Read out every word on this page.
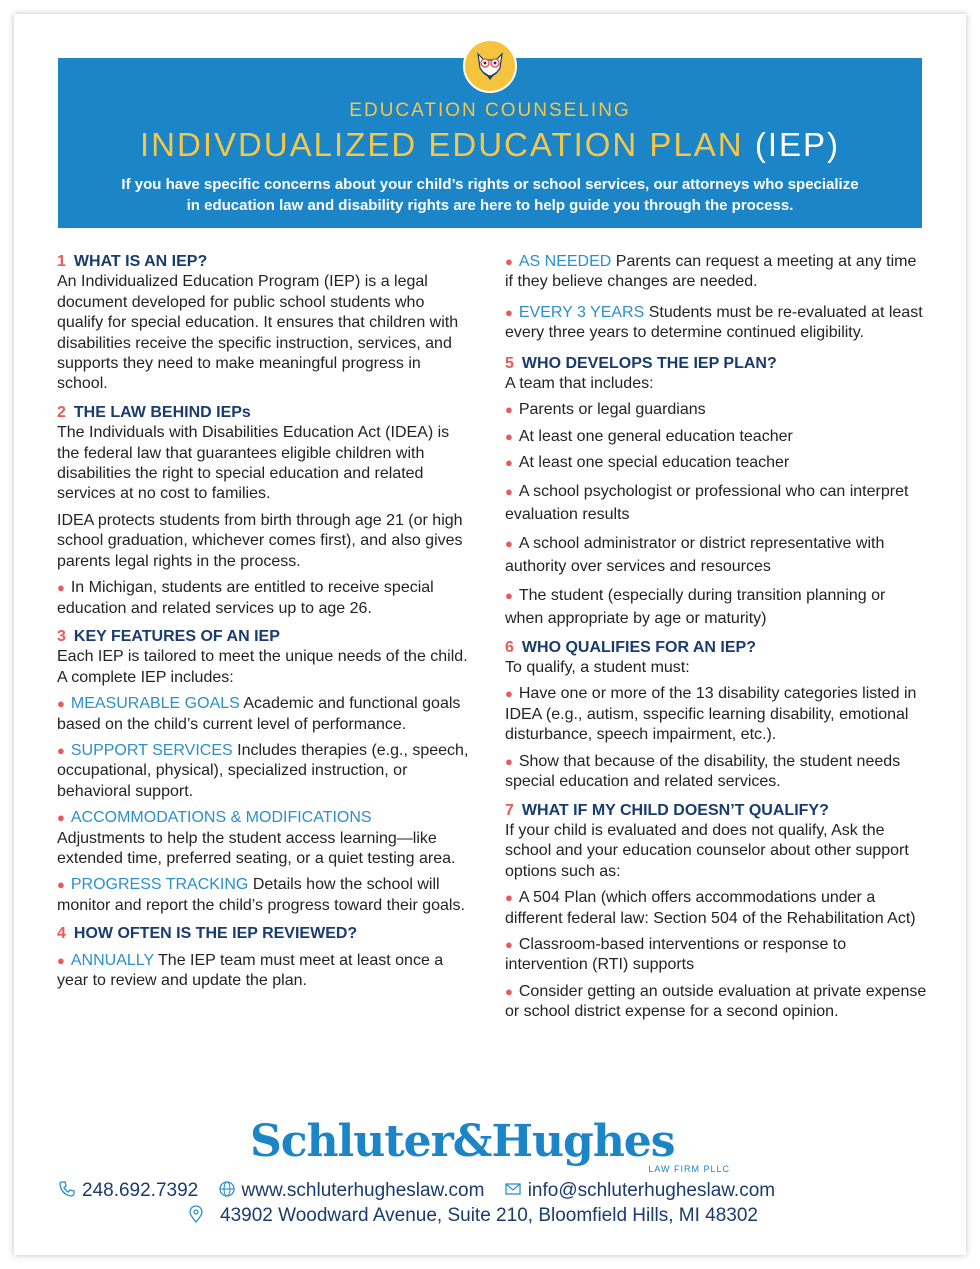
EDUCATION COUNSELING
INDIVDUALIZED EDUCATION PLAN (IEP)
If you have specific concerns about your child’s rights or school services, our attorneys who specialize
in education law and disability rights are here to help guide you through the process.
1 WHAT IS AN IEP?

An Individualized Education Program (IEP) is a legal document developed for public school students who qualify for special education. It ensures that children with disabilities receive the specific instruction, services, and supports they need to make meaningful progress in school.

2 THE LAW BEHIND IEPs

The Individuals with Disabilities Education Act (IDEA) is the federal law that guarantees eligible children with disabilities the right to special education and related services at no cost to families.

IDEA protects students from birth through age 21 (or high school graduation, whichever comes first), and also gives parents legal rights in the process.

● In Michigan, students are entitled to receive special education and related services up to age 26.

3 KEY FEATURES OF AN IEP

Each IEP is tailored to meet the unique needs of the child. A complete IEP includes:

● MEASURABLE GOALS Academic and functional goals based on the child’s current level of performance.

● SUPPORT SERVICES Includes therapies (e.g., speech, occupational, physical), specialized instruction, or behavioral support.

● ACCOMMODATIONS & MODIFICATIONS
Adjustments to help the student access learning—like extended time, preferred seating, or a quiet testing area.

● PROGRESS TRACKING Details how the school will monitor and report the child’s progress toward their goals.

4 HOW OFTEN IS THE IEP REVIEWED?

● ANNUALLY The IEP team must meet at least once a year to review and update the plan.

● AS NEEDED Parents can request a meeting at any time if they believe changes are needed.

● EVERY 3 YEARS Students must be re-evaluated at least every three years to determine continued eligibility.

5 WHO DEVELOPS THE IEP PLAN?

A team that includes:

● Parents or legal guardians

● At least one general education teacher

● At least one special education teacher

● A school psychologist or professional who can interpret evaluation results

● A school administrator or district representative with authority over services and resources

● The student (especially during transition planning or when appropriate by age or maturity)

6 WHO QUALIFIES FOR AN IEP?

To qualify, a student must:

● Have one or more of the 13 disability categories listed in IDEA (e.g., autism, sspecific learning disability, emotional disturbance, speech impairment, etc.).

● Show that because of the disability, the student needs special education and related services.

7 WHAT IF MY CHILD DOESN’T QUALIFY?

If your child is evaluated and does not qualify, Ask the school and your education counselor about other support options such as:

● A 504 Plan (which offers accommodations under a different federal law: Section 504 of the Rehabilitation Act)

● Classroom-based interventions or response to intervention (RTI) supports

● Consider getting an outside evaluation at private expense or school district expense for a second opinion.

Schluter&Hughes
LAW FIRM PLLC
248.692.7392 www.schluterhugheslaw.com info@schluterhugheslaw.com
43902 Woodward Avenue, Suite 210, Bloomfield Hills, MI 48302
